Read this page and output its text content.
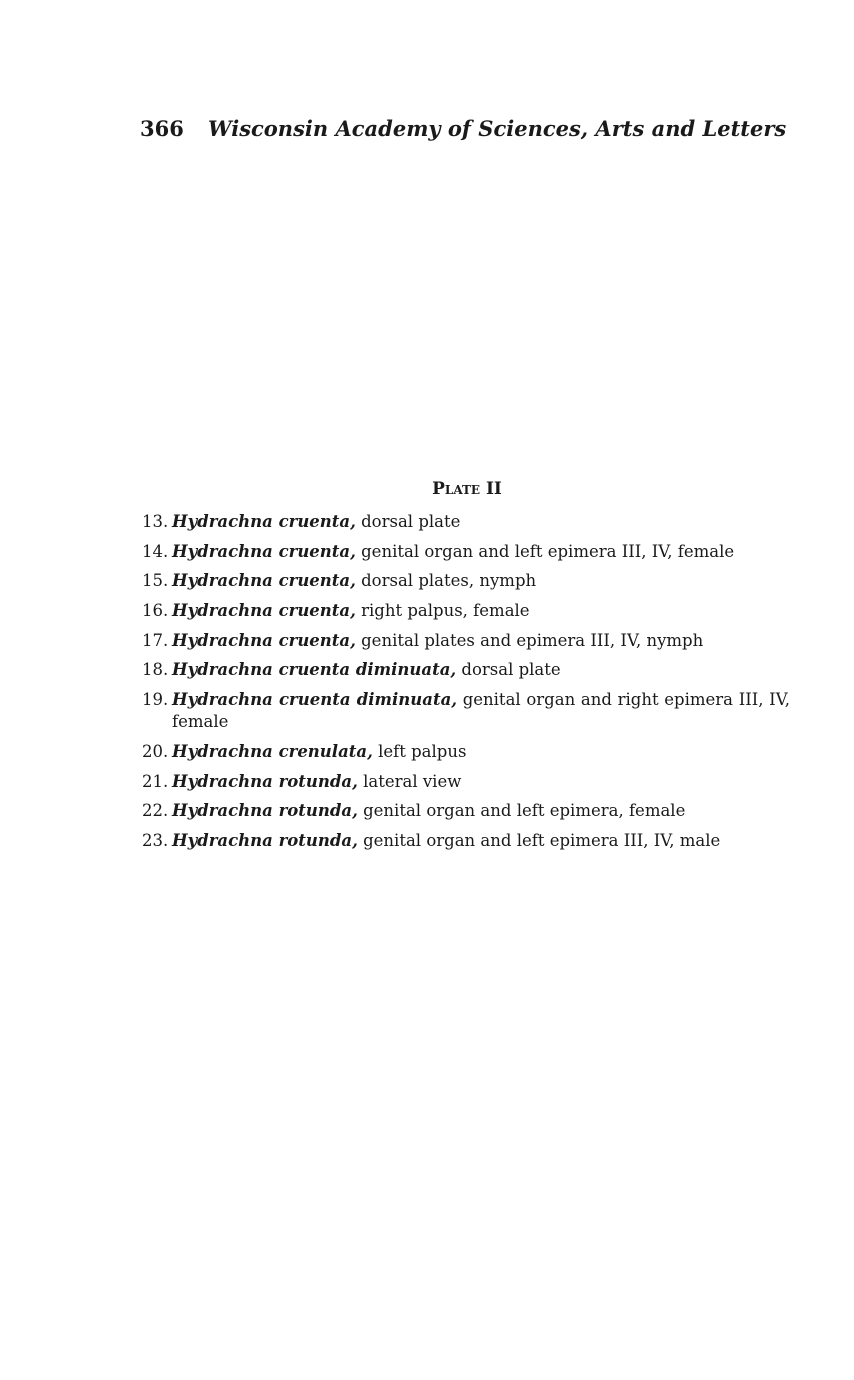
366 Wisconsin Academy of Sciences, Arts and Letters
Plate II
13. Hydrachna cruenta, dorsal plate
14. Hydrachna cruenta, genital organ and left epimera III, IV, female
15. Hydrachna cruenta, dorsal plates, nymph
16. Hydrachna cruenta, right palpus, female
17. Hydrachna cruenta, genital plates and epimera III, IV, nymph
18. Hydrachna cruenta diminuata, dorsal plate
19. Hydrachna cruenta diminuata, genital organ and right epimera III, IV, female
20. Hydrachna crenulata, left palpus
21. Hydrachna rotunda, lateral view
22. Hydrachna rotunda, genital organ and left epimera, female
23. Hydrachna rotunda, genital organ and left epimera III, IV, male
